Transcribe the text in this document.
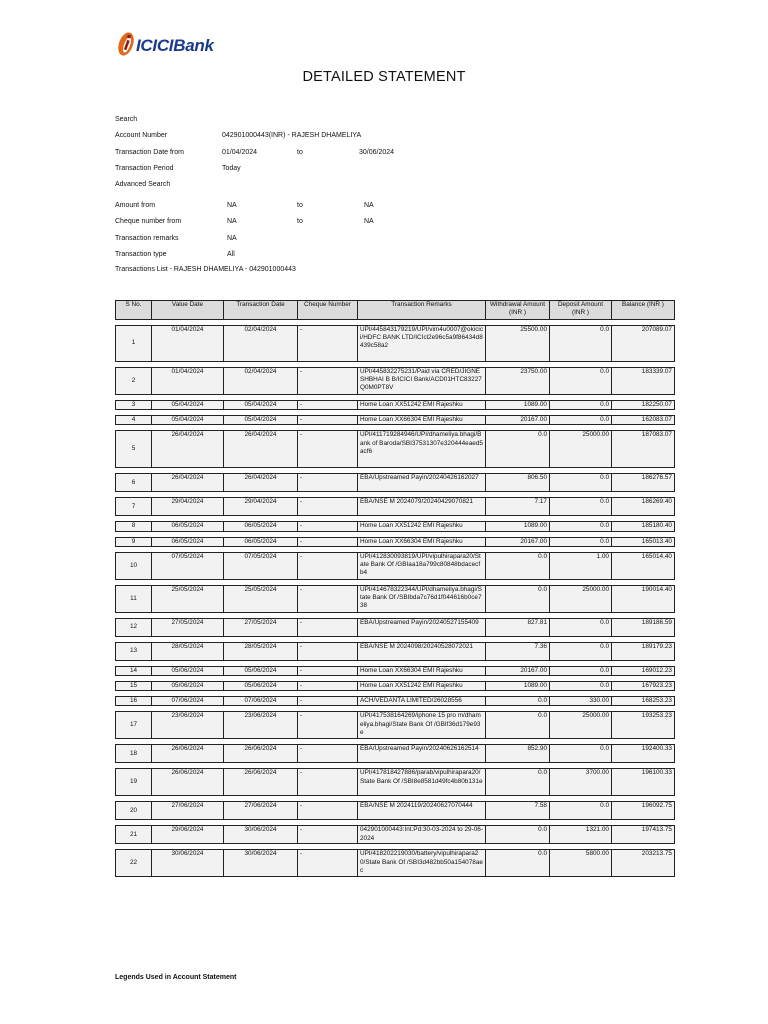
ICICIBank
DETAILED STATEMENT
Search
Account Number	042901000443(INR) - RAJESH DHAMELIYA
Transaction Date from	01/04/2024	to	30/06/2024
Transaction Period	Today
Advanced Search
Amount from	NA	to	NA
Cheque number from	NA	to	NA
Transaction remarks	NA
Transaction type	All
Transactions List - RAJESH DHAMELIYA - 042901000443
S No.	Value Date	Transaction Date	Cheque Number	Transaction Remarks	Withdrawal Amount (INR )	Deposit Amount (INR )	Balance (INR )

1	01/04/2024	02/04/2024	-	UPI/445843179219/UPI/vim4u0007@okicici/HDFC BANK LTD/ICIcl2e96c5a9f86434d8439c58a2	25500.00	0.0	207089.07

2	01/04/2024	02/04/2024	-	UPI/445832275231/Paid via CRED/JIGNESHBHAI B B/ICICI Bank/ACD01HTC83227Q0M0PT8V	23750.00	0.0	183339.07

3	05/04/2024	05/04/2024	-	Home Loan XX51242 EMI Rajeshku	1089.00	0.0	182250.07

4	05/04/2024	05/04/2024	-	Home Loan XX66304 EMI Rajeshku	20167.00	0.0	162083.07

5	26/04/2024	26/04/2024	-	UPI/411719284946/UPI/dhameliya.bhagi/Bank of Baroda/SBI37531307e320444eaed5acf6	0.0	25000.00	187083.07

6	26/04/2024	26/04/2024	-	EBA/Upstreamed Payin/20240426162027	806.50	0.0	186276.57

7	29/04/2024	29/04/2024	-	EBA/NSE M 2024079/20240429070821	7.17	0.0	186269.40

8	06/05/2024	06/05/2024	-	Home Loan XX51242 EMI Rajeshku	1089.00	0.0	185180.40

9	06/05/2024	06/05/2024	-	Home Loan XX66304 EMI Rajeshku	20167.00	0.0	165013.40

10	07/05/2024	07/05/2024	-	UPI/412830093819/UPI/vipulhirapara20/State Bank Of /GBIaa18a799c80848bdacecfb4	0.0	1.00	165014.40

11	25/05/2024	25/05/2024	-	UPI/414678322344/UPI/dhameliya.bhagi/State Bank Of /SBIbda7c76d1f044616b0ce738	0.0	25000.00	190014.40

12	27/05/2024	27/05/2024	-	EBA/Upstreamed Payin/20240527155409	827.81	0.0	189186.59

13	28/05/2024	28/05/2024	-	EBA/NSE M 2024098/20240528072021	7.36	0.0	189179.23

14	05/06/2024	05/06/2024	-	Home Loan XX66304 EMI Rajeshku	20167.00	0.0	169012.23

15	05/06/2024	05/06/2024	-	Home Loan XX51242 EMI Rajeshku	1089.00	0.0	167923.23

16	07/06/2024	07/06/2024	-	ACH/VEDANTA LIMITED/26028556	0.0	330.00	168253.23

17	23/06/2024	23/06/2024	-	UPI/417538164269/iphone 15 pro m/dhameliya.bhagi/State Bank Of /GBIf36d179e93e	0.0	25000.00	193253.23

18	26/06/2024	26/06/2024	-	EBA/Upstreamed Payin/20240626162514	852.90	0.0	192400.33

19	26/06/2024	26/06/2024	-	UPI/417818427886/parab/vipulhirapara20/State Bank Of /SBI8e8581d49fc4b80b131e	0.0	3700.00	196100.33

20	27/06/2024	27/06/2024	-	EBA/NSE M 2024119/20240627070444	7.58	0.0	196092.75

21	29/06/2024	30/06/2024	-	042901000443:Int.Pd:30-03-2024 to 29-06-2024	0.0	1321.00	197413.75

22	30/06/2024	30/06/2024	-	UPI/418202219030/battery/vipulhirapara20/State Bank Of /SBI3d482bb50a154078aec	0.0	5800.00	203213.75
Legends Used in Account Statement
